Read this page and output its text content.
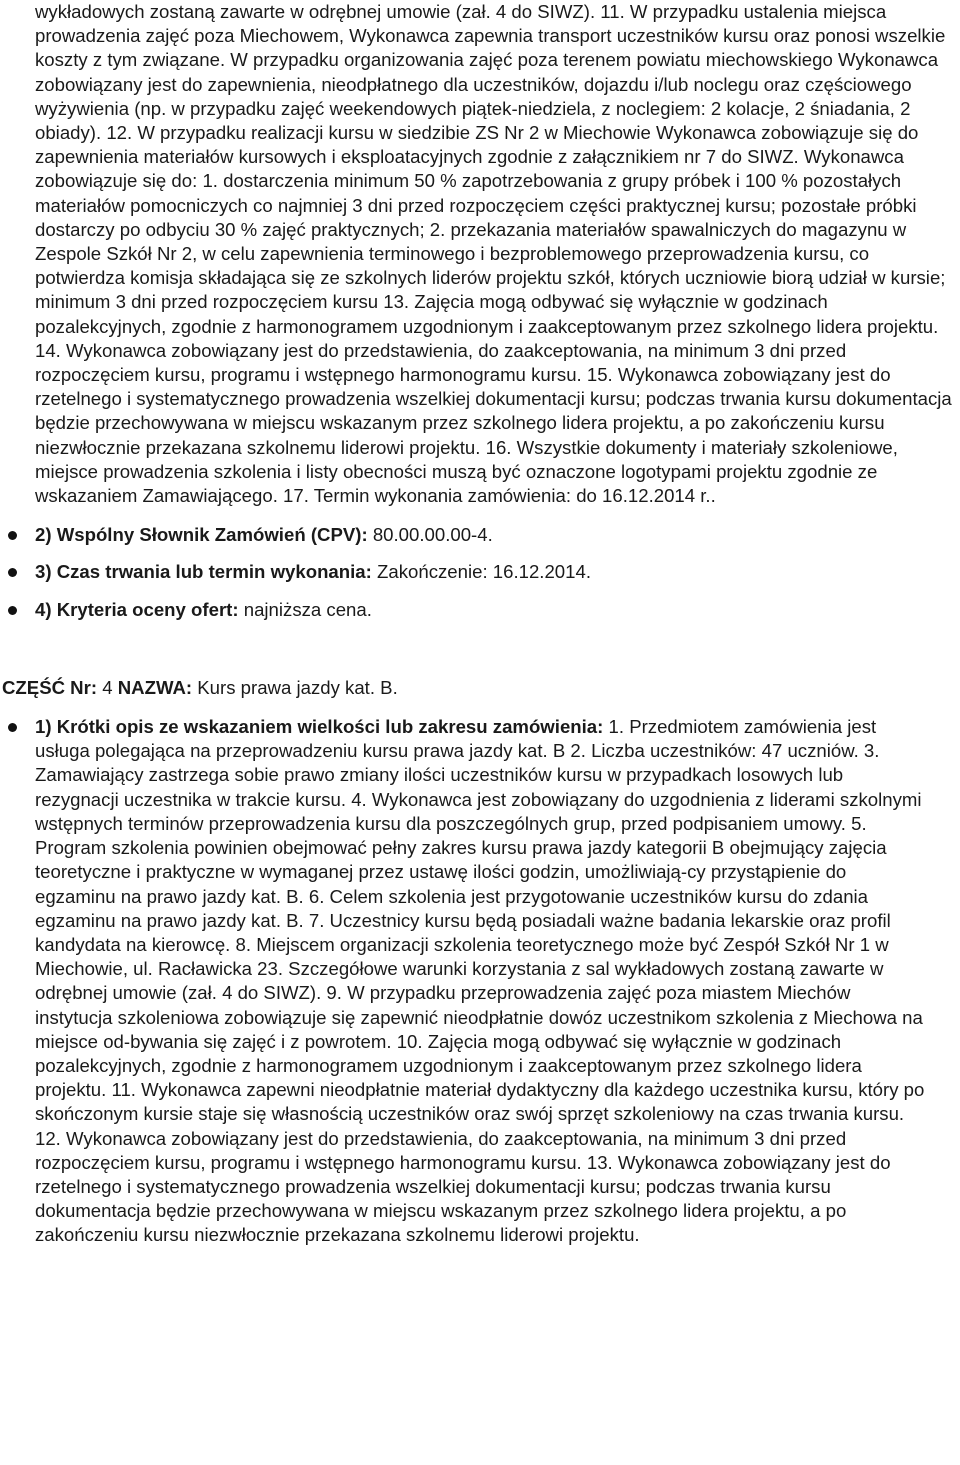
wykładowych zostaną zawarte w odrębnej umowie (zał. 4 do SIWZ). 11. W przypadku ustalenia miejsca prowadzenia zajęć poza Miechowem, Wykonawca zapewnia transport uczestników kursu oraz ponosi wszelkie koszty z tym związane. W przypadku organizowania zajęć poza terenem powiatu miechowskiego Wykonawca zobowiązany jest do zapewnienia, nieodpłatnego dla uczestników, dojazdu i/lub noclegu oraz częściowego wyżywienia (np. w przypadku zajęć weekendowych piątek-niedziela, z noclegiem: 2 kolacje, 2 śniadania, 2 obiady). 12. W przypadku realizacji kursu w siedzibie ZS Nr 2 w Miechowie Wykonawca zobowiązuje się do zapewnienia materiałów kursowych i eksploatacyjnych zgodnie z załącznikiem nr 7 do SIWZ. Wykonawca zobowiązuje się do: 1. dostarczenia minimum 50 % zapotrzebowania z grupy próbek i 100 % pozostałych materiałów pomocniczych co najmniej 3 dni przed rozpoczęciem części praktycznej kursu; pozostałe próbki dostarczy po odbyciu 30 % zajęć praktycznych; 2. przekazania materiałów spawalniczych do magazynu w Zespole Szkół Nr 2, w celu zapewnienia terminowego i bezproblemowego przeprowadzenia kursu, co potwierdza komisja składająca się ze szkolnych liderów projektu szkół, których uczniowie biorą udział w kursie; minimum 3 dni przed rozpoczęciem kursu 13. Zajęcia mogą odbywać się wyłącznie w godzinach pozalekcyjnych, zgodnie z harmonogramem uzgodnionym i zaakceptowanym przez szkolnego lidera projektu. 14. Wykonawca zobowiązany jest do przedstawienia, do zaakceptowania, na minimum 3 dni przed rozpoczęciem kursu, programu i wstępnego harmonogramu kursu. 15. Wykonawca zobowiązany jest do rzetelnego i systematycznego prowadzenia wszelkiej dokumentacji kursu; podczas trwania kursu dokumentacja będzie przechowywana w miejscu wskazanym przez szkolnego lidera projektu, a po zakończeniu kursu niezwłocznie przekazana szkolnemu liderowi projektu. 16. Wszystkie dokumenty i materiały szkoleniowe, miejsce prowadzenia szkolenia i listy obecności muszą być oznaczone logotypami projektu zgodnie ze wskazaniem Zamawiającego. 17. Termin wykonania zamówienia: do 16.12.2014 r..

2) Wspólny Słownik Zamówień (CPV): 80.00.00.00-4.
3) Czas trwania lub termin wykonania: Zakończenie: 16.12.2014.
4) Kryteria oceny ofert: najniższa cena.

CZĘŚĆ Nr: 4 NAZWA: Kurs prawa jazdy kat. B.

1) Krótki opis ze wskazaniem wielkości lub zakresu zamówienia: 1. Przedmiotem zamówienia jest usługa polegająca na przeprowadzeniu kursu prawa jazdy kat. B 2. Liczba uczestników: 47 uczniów. 3. Zamawiający zastrzega sobie prawo zmiany ilości uczestników kursu w przypadkach losowych lub rezygnacji uczestnika w trakcie kursu. 4. Wykonawca jest zobowiązany do uzgodnienia z liderami szkolnymi wstępnych terminów przeprowadzenia kursu dla poszczególnych grup, przed podpisaniem umowy. 5. Program szkolenia powinien obejmować pełny zakres kursu prawa jazdy kategorii B obejmujący zajęcia teoretyczne i praktyczne w wymaganej przez ustawę ilości godzin, umożliwiają-cy przystąpienie do egzaminu na prawo jazdy kat. B. 6. Celem szkolenia jest przygotowanie uczestników kursu do zdania egzaminu na prawo jazdy kat. B. 7. Uczestnicy kursu będą posiadali ważne badania lekarskie oraz profil kandydata na kierowcę. 8. Miejscem organizacji szkolenia teoretycznego może być Zespół Szkół Nr 1 w Miechowie, ul. Racławicka 23. Szczegółowe warunki korzystania z sal wykładowych zostaną zawarte w odrębnej umowie (zał. 4 do SIWZ). 9. W przypadku przeprowadzenia zajęć poza miastem Miechów instytucja szkoleniowa zobowiązuje się zapewnić nieodpłatnie dowóz uczestnikom szkolenia z Miechowa na miejsce od-bywania się zajęć i z powrotem. 10. Zajęcia mogą odbywać się wyłącznie w godzinach pozalekcyjnych, zgodnie z harmonogramem uzgodnionym i zaakceptowanym przez szkolnego lidera projektu. 11. Wykonawca zapewni nieodpłatnie materiał dydaktyczny dla każdego uczestnika kursu, który po skończonym kursie staje się własnością uczestników oraz swój sprzęt szkoleniowy na czas trwania kursu. 12. Wykonawca zobowiązany jest do przedstawienia, do zaakceptowania, na minimum 3 dni przed rozpoczęciem kursu, programu i wstępnego harmonogramu kursu. 13. Wykonawca zobowiązany jest do rzetelnego i systematycznego prowadzenia wszelkiej dokumentacji kursu; podczas trwania kursu dokumentacja będzie przechowywana w miejscu wskazanym przez szkolnego lidera projektu, a po zakończeniu kursu niezwłocznie przekazana szkolnemu liderowi projektu.
